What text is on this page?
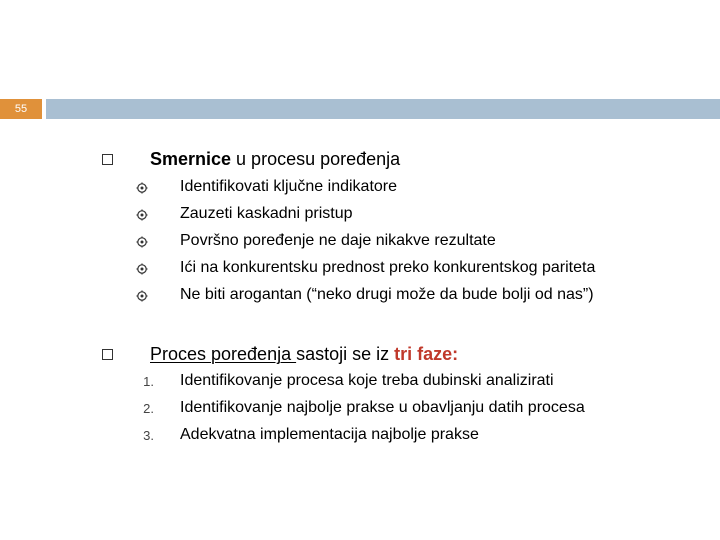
55
Smernice u procesu poređenja
Identifikovati ključne indikatore
Zauzeti kaskadni pristup
Površno poređenje ne daje nikakve rezultate
Ići na konkurentsku prednost preko konkurentskog pariteta
Ne biti arogantan (“neko drugi može da bude bolji od nas”)
Proces poređenja sastoji se iz tri faze:
1. Identifikovanje procesa koje treba dubinski analizirati
2. Identifikovanje najbolje prakse u obavljanju datih procesa
3. Adekvatna implementacija najbolje prakse
